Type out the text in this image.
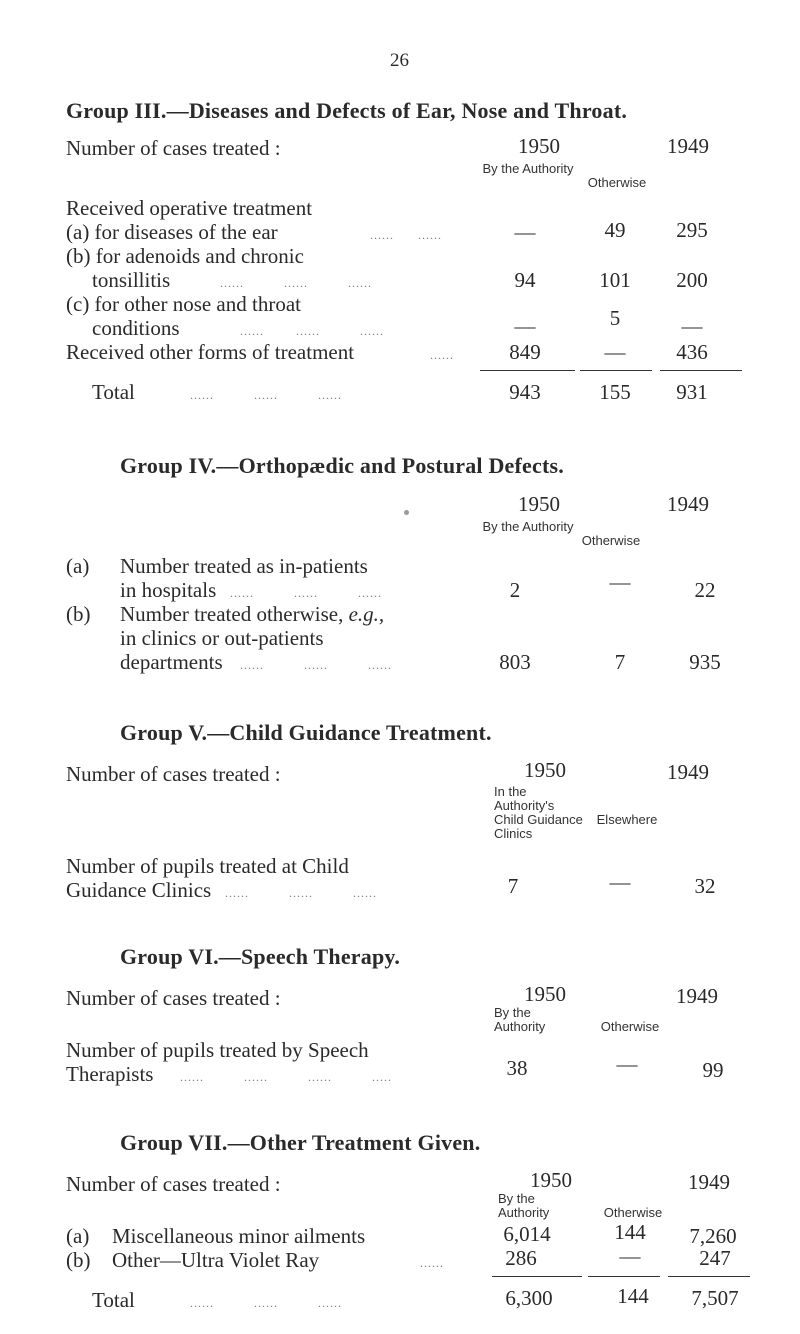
26
Group III.—Diseases and Defects of Ear, Nose and Throat.
Number of cases treated :	1950	1949
By the Authority
Otherwise
Received operative treatment
(a) for diseases of the ear	......      ......	—	49	295
(b) for adenoids and chronic
tonsillitis	......          ......          ......	94	101	200
(c) for other nose and throat
conditions	......        ......          ......	—	5	—
Received other forms of treatment	......	849	—	436
Total	......          ......          ......	943	155	931
Group IV.—Orthopædic and Postural Defects.
1950	1949
By the Authority
Otherwise
(a) Number treated as in-patients
in hospitals ......          ......          ......	2	—	22
(b) Number treated otherwise, e.g.,
in clinics or out-patients
departments ......          ......          ......	803	7	935
Group V.—Child Guidance Treatment.
Number of cases treated :	1950	1949
In the Authority's Child Guidance Clinics
Elsewhere
Number of pupils treated at Child
Guidance Clinics ......          ......          ......	7	—	32
Group VI.—Speech Therapy.
Number of cases treated :	1950	1949
By the Authority	Otherwise
Number of pupils treated by Speech
Therapists ......          ......          ......          .....	38	—	99
Group VII.—Other Treatment Given.
Number of cases treated :	1950	1949
By the Authority	Otherwise
(a) Miscellaneous minor ailments	6,014	144	7,260
(b) Other—Ultra Violet Ray	......	286	—	247
Total	......          ......          ......	6,300	144	7,507
